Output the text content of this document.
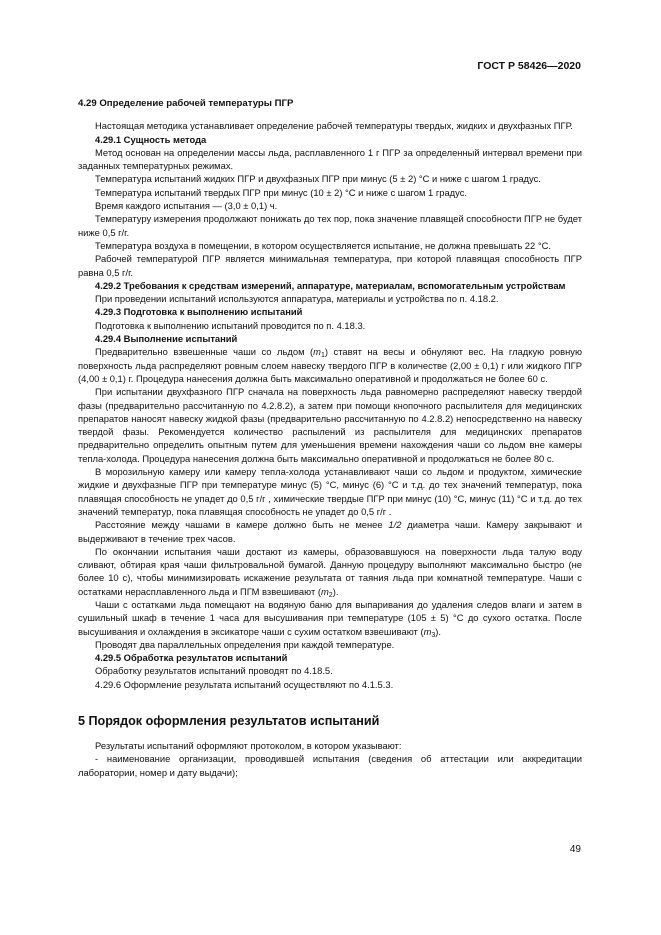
ГОСТ Р 58426—2020
4.29 Определение рабочей температуры ПГР

Настоящая методика устанавливает определение рабочей температуры твердых, жидких и двухфазных ПГР.

4.29.1 Сущность метода

Метод основан на определении массы льда, расплавленного 1 г ПГР за определенный интервал времени при заданных температурных режимах.

Температура испытаний жидких ПГР и двухфазных ПГР при минус (5 ± 2) °С и ниже с шагом 1 градус.

Температура испытаний твердых ПГР при минус (10 ± 2) °С и ниже с шагом 1 градус.

Время каждого испытания — (3,0 ± 0,1) ч.

Температуру измерения продолжают понижать до тех пор, пока значение плавящей способности ПГР не будет ниже 0,5 г/г.

Температура воздуха в помещении, в котором осуществляется испытание, не должна превышать 22 °С.

Рабочей температурой ПГР является минимальная температура, при которой плавящая способность ПГР равна 0,5 г/г.

4.29.2 Требования к средствам измерений, аппаратуре, материалам, вспомогательным устройствам

При проведении испытаний используются аппаратура, материалы и устройства по п. 4.18.2.

4.29.3 Подготовка к выполнению испытаний

Подготовка к выполнению испытаний проводится по п. 4.18.3.

4.29.4 Выполнение испытаний

Предварительно взвешенные чаши со льдом $(m_1)$ ставят на весы и обнуляют вес. На гладкую ровную поверхность льда распределяют ровным слоем навеску твердого ПГР в количестве (2,00 ± 0,1) г или жидкого ПГР (4,00 ± 0,1) г. Процедура нанесения должна быть максимально оперативной и продолжаться не более 60 с.

При испытании двухфазного ПГР сначала на поверхность льда равномерно распределяют навеску твердой фазы (предварительно рассчитанную по 4.2.8.2), а затем при помощи кнопочного распылителя для медицинских препаратов наносят навеску жидкой фазы (предварительно рассчитанную по 4.2.8.2) непосредственно на навеску твердой фазы. Рекомендуется количество распылений из распылителя для медицинских препаратов предварительно определить опытным путем для уменьшения времени нахождения чаши со льдом вне камеры тепла-холода. Процедура нанесения должна быть максимально оперативной и продолжаться не более 80 с.

В морозильную камеру или камеру тепла-холода устанавливают чаши со льдом и продуктом, химические жидкие и двухфазные ПГР при температуре минус (5) °С, минус (6) °С и т.д. до тех значений температур, пока плавящая способность не упадет до 0,5 г/г , химические твердые ПГР при минус (10) °С, минус (11) °С и т.д. до тех значений температур, пока плавящая способность не упадет до 0,5 г/г .

Расстояние между чашами в камере должно быть не менее 1/2 диаметра чаши. Камеру закрывают и выдерживают в течение трех часов.

По окончании испытания чаши достают из камеры, образовавшуюся на поверхности льда талую воду сливают, обтирая края чаши фильтровальной бумагой. Данную процедуру выполняют максимально быстро (не более 10 с), чтобы минимизировать искажение результата от таяния льда при комнатной температуре. Чаши с остатками нерасплавленного льда и ПГМ взвешивают $(m_2)$.

Чаши с остатками льда помещают на водяную баню для выпаривания до удаления следов влаги и затем в сушильный шкаф в течение 1 часа для высушивания при температуре (105 ± 5) °С до сухого остатка. После высушивания и охлаждения в эксикаторе чаши с сухим остатком взвешивают $(m_3)$.

Проводят два параллельных определения при каждой температуре.

4.29.5 Обработка результатов испытаний

Обработку результатов испытаний проводят по 4.18.5.

4.29.6 Оформление результата испытаний осуществляют по 4.1.5.3.

5 Порядок оформления результатов испытаний

Результаты испытаний оформляют протоколом, в котором указывают:

- наименование организации, проводившей испытания (сведения об аттестации или аккредитации лаборатории, номер и дату выдачи);

49
